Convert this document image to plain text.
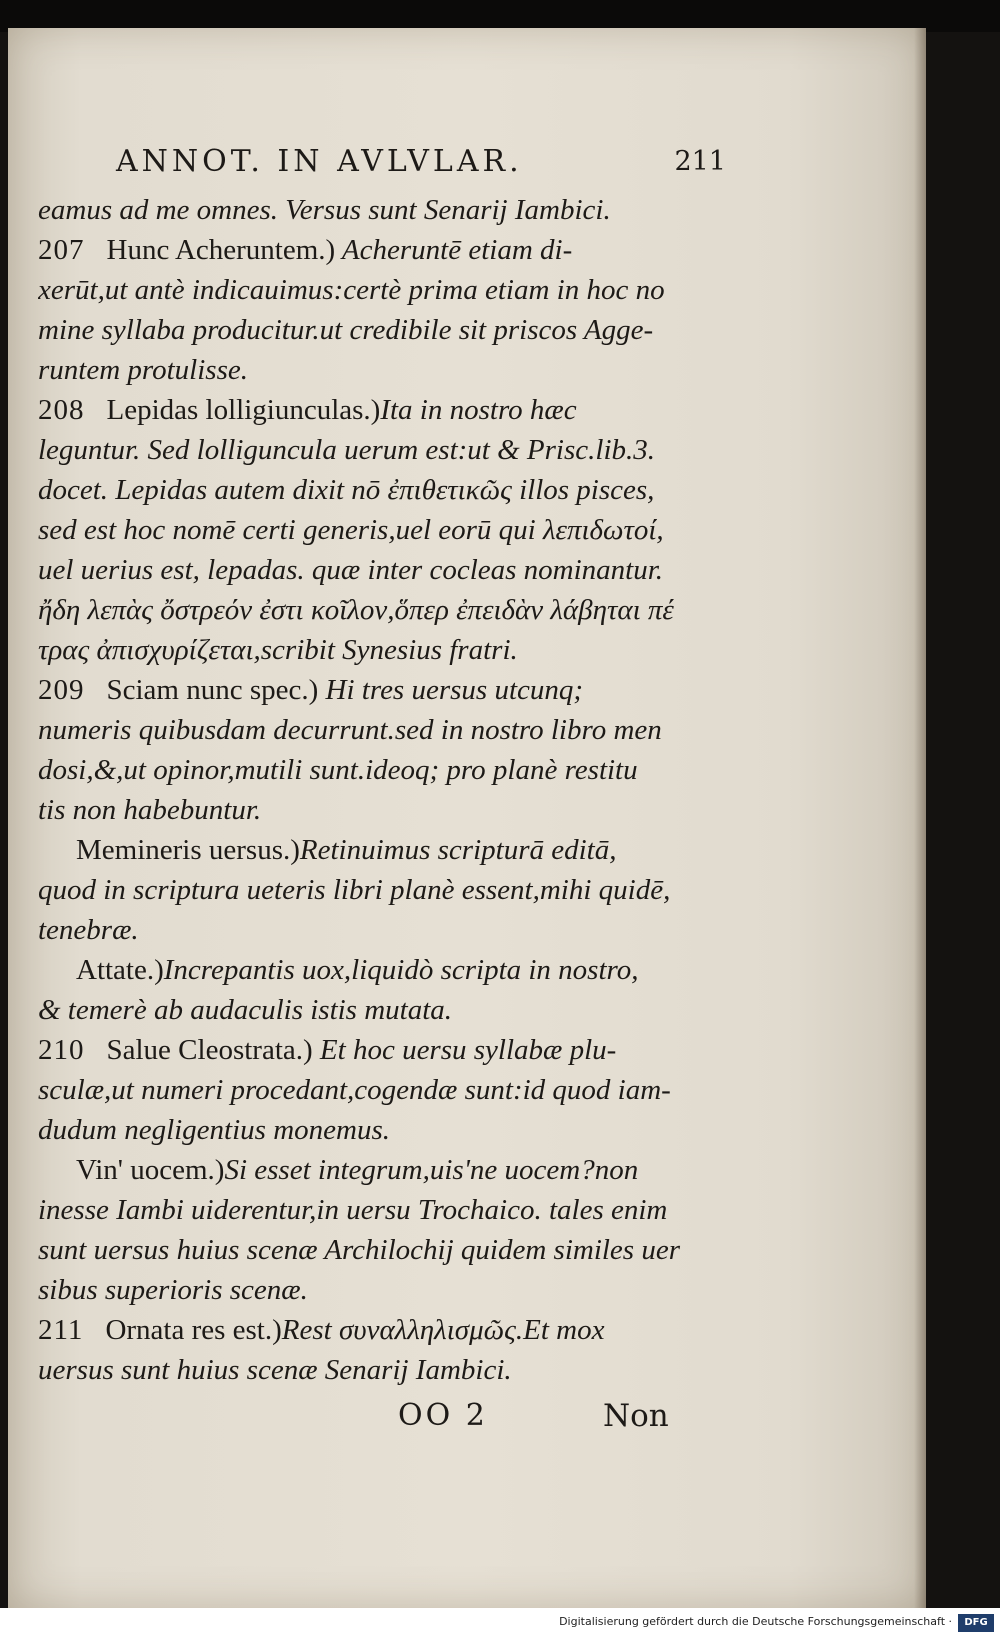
ANNOT. IN AVLVLAR.	211
eamus ad me omnes. Versus sunt Senarij Iambici.
207 Hunc Acheruntem.) Acheruntē etiam di-
xerūt,ut antè indicauimus:certè prima etiam in hoc no
mine syllaba producitur.ut credibile sit priscos Agge-
runtem protulisse.
208 Lepidas lolligiunculas.)Ita in nostro hæc
leguntur. Sed lolliguncula uerum est:ut & Prisc.lib.3.
docet. Lepidas autem dixit nō ἐπιθετικῶς illos pisces,
sed est hoc nomē certi generis,uel eorū qui λεπιδωτοί,
uel uerius est, lepadas. quæ inter cocleas nominantur.
ἤδη λεπὰς ὄστρεόν ἐστι κοῖλον,ὅπερ ἐπειδὰν λάβηται πέ
τρας ἀπισχυρίζεται,scribit Synesius fratri.
209 Sciam nunc spec.) Hi tres uersus utcunq;
numeris quibusdam decurrunt.sed in nostro libro men
dosi,&,ut opinor,mutili sunt.ideoq; pro planè restitu
tis non habebuntur.
Memineris uersus.)Retinuimus scripturā editā,
quod in scriptura ueteris libri planè essent,mihi quidē,
tenebræ.
Attate.)Increpantis uox,liquidò scripta in nostro,
& temerè ab audaculis istis mutata.
210 Salue Cleostrata.) Et hoc uersu syllabæ plu-
sculæ,ut numeri procedant,cogendæ sunt:id quod iam-
dudum negligentius monemus.
Vin' uocem.)Si esset integrum,uis'ne uocem?non
inesse Iambi uiderentur,in uersu Trochaico. tales enim
sunt uersus huius scenæ Archilochij quidem similes uer
sibus superioris scenæ.
211 Ornata res est.)Rest συναλληλισμῶς.Et mox
uersus sunt huius scenæ Senarij Iambici.
OO 2	Non
Digitalisierung gefördert durch die Deutsche Forschungsgemeinschaft ·	DFG
